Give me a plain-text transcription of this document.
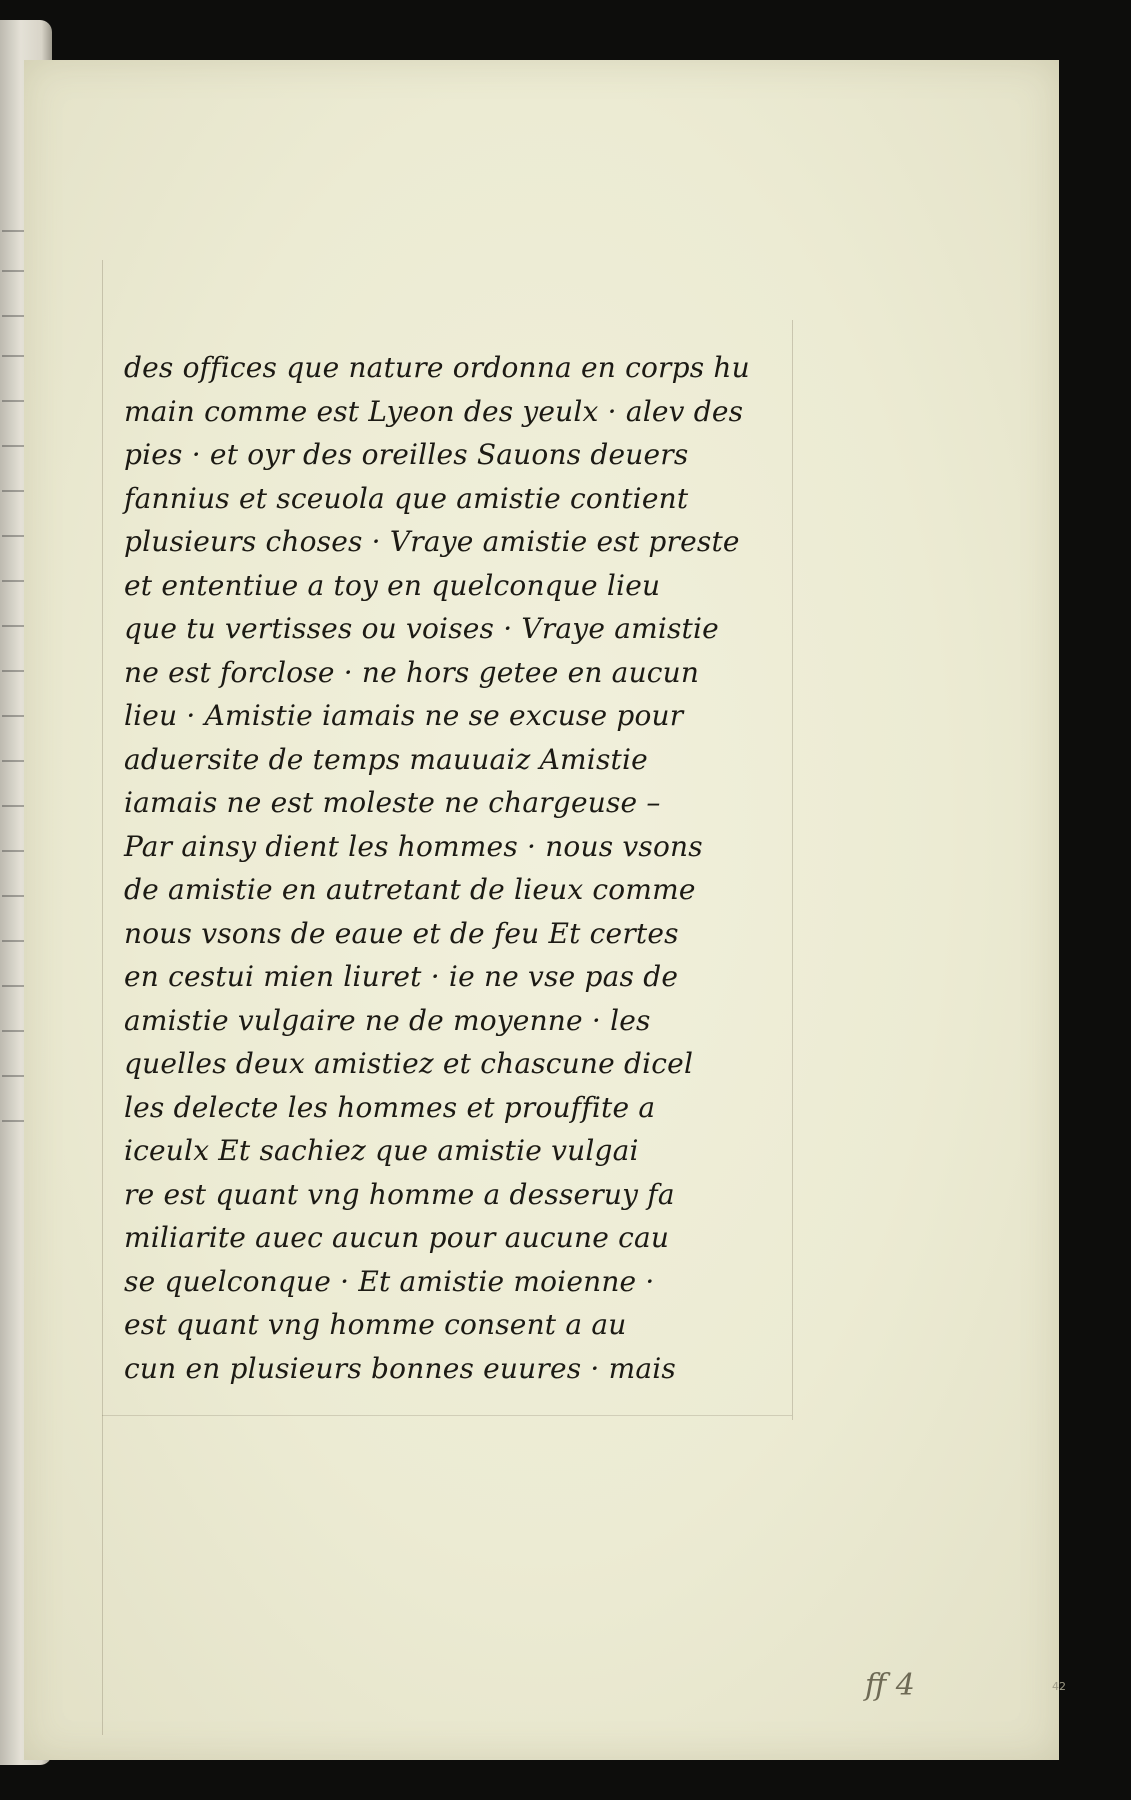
des offices que nature ordonna en corps hu
main comme est Lyeon des yeulx · alev des
pies · et oyr des oreilles Sauons deuers
fannius et sceuola que amistie contient
plusieurs choses · Vraye amistie est preste
et ententiue a toy en quelconque lieu
que tu vertisses ou voises · Vraye amistie
ne est forclose · ne hors getee en aucun
lieu · Amistie iamais ne se excuse pour
aduersite de temps mauuaiz Amistie
iamais ne est moleste ne chargeuse –
Par ainsy dient les hommes · nous vsons
de amistie en autretant de lieux comme
nous vsons de eaue et de feu Et certes
en cestui mien liuret · ie ne vse pas de
amistie vulgaire ne de moyenne · les
quelles deux amistiez et chascune dicel
les delecte les hommes et prouffite a
iceulx Et sachiez que amistie vulgai
re est quant vng homme a desseruy fa
miliarite auec aucun pour aucune cau
se quelconque · Et amistie moienne ·
est quant vng homme consent a au
cun en plusieurs bonnes euures · mais
ff 4	42
